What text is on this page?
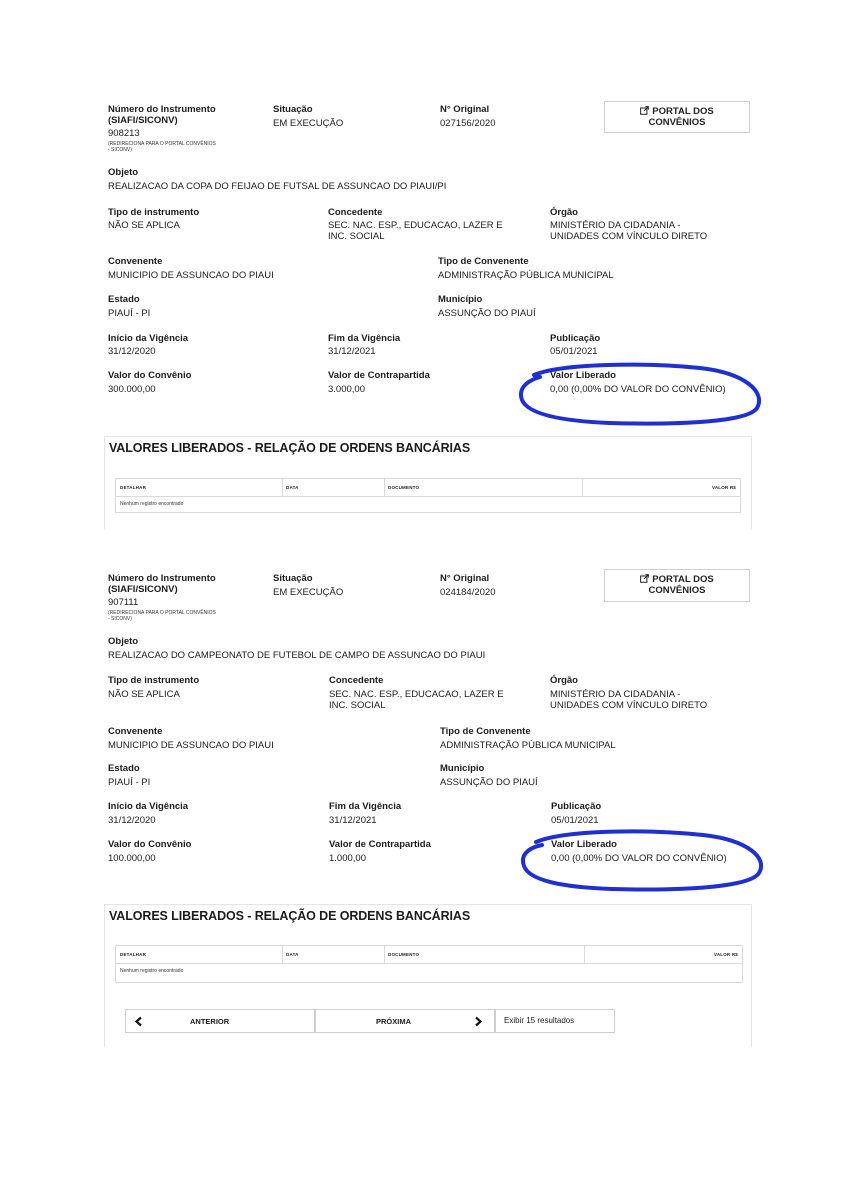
Número do Instrumento
(SIAFI/SICONV)
908213
(REDIRECIONA PARA O PORTAL CONVÊNIOS
- SICONV)
Situação
EM EXECUÇÃO
N° Original
027156/2020
PORTAL DOS
CONVÊNIOS
Objeto
REALIZACAO DA COPA DO FEIJAO DE FUTSAL DE ASSUNCAO DO PIAUI/PI
Tipo de instrumento
NÃO SE APLICA
Concedente
SEC. NAC. ESP., EDUCACAO, LAZER E
INC. SOCIAL
Órgão
MINISTÉRIO DA CIDADANIA -
UNIDADES COM VÍNCULO DIRETO
Convenente
MUNICIPIO DE ASSUNCAO DO PIAUI
Tipo de Convenente
ADMINISTRAÇÃO PÚBLICA MUNICIPAL
Estado
PIAUÍ - PI
Município
ASSUNÇÃO DO PIAUÍ
Início da Vigência
31/12/2020
Fim da Vigência
31/12/2021
Publicação
05/01/2021
Valor do Convênio
300.000,00
Valor de Contrapartida
3.000,00
Valor Liberado
0,00 (0,00% DO VALOR DO CONVÊNIO)
VALORES LIBERADOS - RELAÇÃO DE ORDENS BANCÁRIAS
DETALHAR	DATA	DOCUMENTO	VALOR R$
Nenhum registro encontrado
Número do Instrumento
(SIAFI/SICONV)
907111
(REDIRECIONA PARA O PORTAL CONVÊNIOS
- SICONV)
Situação
EM EXECUÇÃO
N° Original
024184/2020
PORTAL DOS
CONVÊNIOS
Objeto
REALIZACAO DO CAMPEONATO DE FUTEBOL DE CAMPO DE ASSUNCAO DO PIAUI
Tipo de instrumento
NÃO SE APLICA
Concedente
SEC. NAC. ESP., EDUCACAO, LAZER E
INC. SOCIAL
Órgão
MINISTÉRIO DA CIDADANIA -
UNIDADES COM VÍNCULO DIRETO
Convenente
MUNICIPIO DE ASSUNCAO DO PIAUI
Tipo de Convenente
ADMINISTRAÇÃO PÚBLICA MUNICIPAL
Estado
PIAUÍ - PI
Município
ASSUNÇÃO DO PIAUÍ
Início da Vigência
31/12/2020
Fim da Vigência
31/12/2021
Publicação
05/01/2021
Valor do Convênio
100.000,00
Valor de Contrapartida
1.000,00
Valor Liberado
0,00 (0,00% DO VALOR DO CONVÊNIO)
VALORES LIBERADOS - RELAÇÃO DE ORDENS BANCÁRIAS
DETALHAR	DATA	DOCUMENTO	VALOR R$
Nenhum registro encontrado
ANTERIOR	PRÓXIMA	Exibir 15 resultados
